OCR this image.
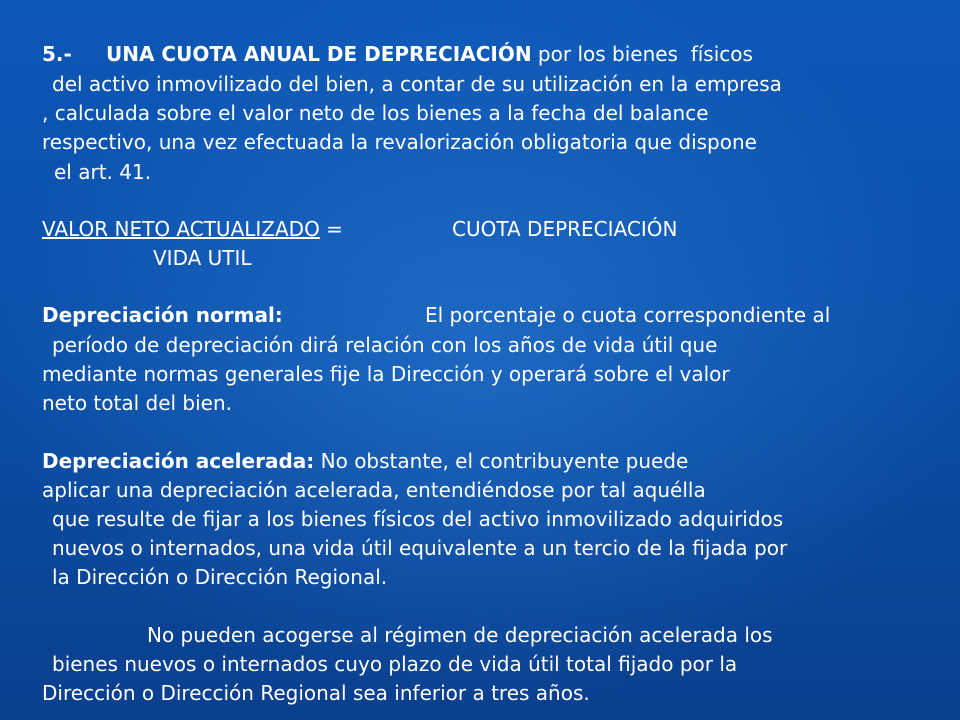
5.- UNA CUOTA ANUAL DE DEPRECIACIÓN por los bienes  físicos
del activo inmovilizado del bien, a contar de su utilización en la empresa
, calculada sobre el valor neto de los bienes a la fecha del balance
respectivo, una vez efectuada la revalorización obligatoria que dispone
el art. 41.
VALOR NETO ACTUALIZADO =	CUOTA DEPRECIACIÓN
VIDA UTIL
Depreciación normal:	El porcentaje o cuota correspondiente al
período de depreciación dirá relación con los años de vida útil que
mediante normas generales fije la Dirección y operará sobre el valor
neto total del bien.
Depreciación acelerada: No obstante, el contribuyente puede
aplicar una depreciación acelerada, entendiéndose por tal aquélla
que resulte de fijar a los bienes físicos del activo inmovilizado adquiridos
nuevos o internados, una vida útil equivalente a un tercio de la fijada por
la Dirección o Dirección Regional.
No pueden acogerse al régimen de depreciación acelerada los
bienes nuevos o internados cuyo plazo de vida útil total fijado por la
Dirección o Dirección Regional sea inferior a tres años.
